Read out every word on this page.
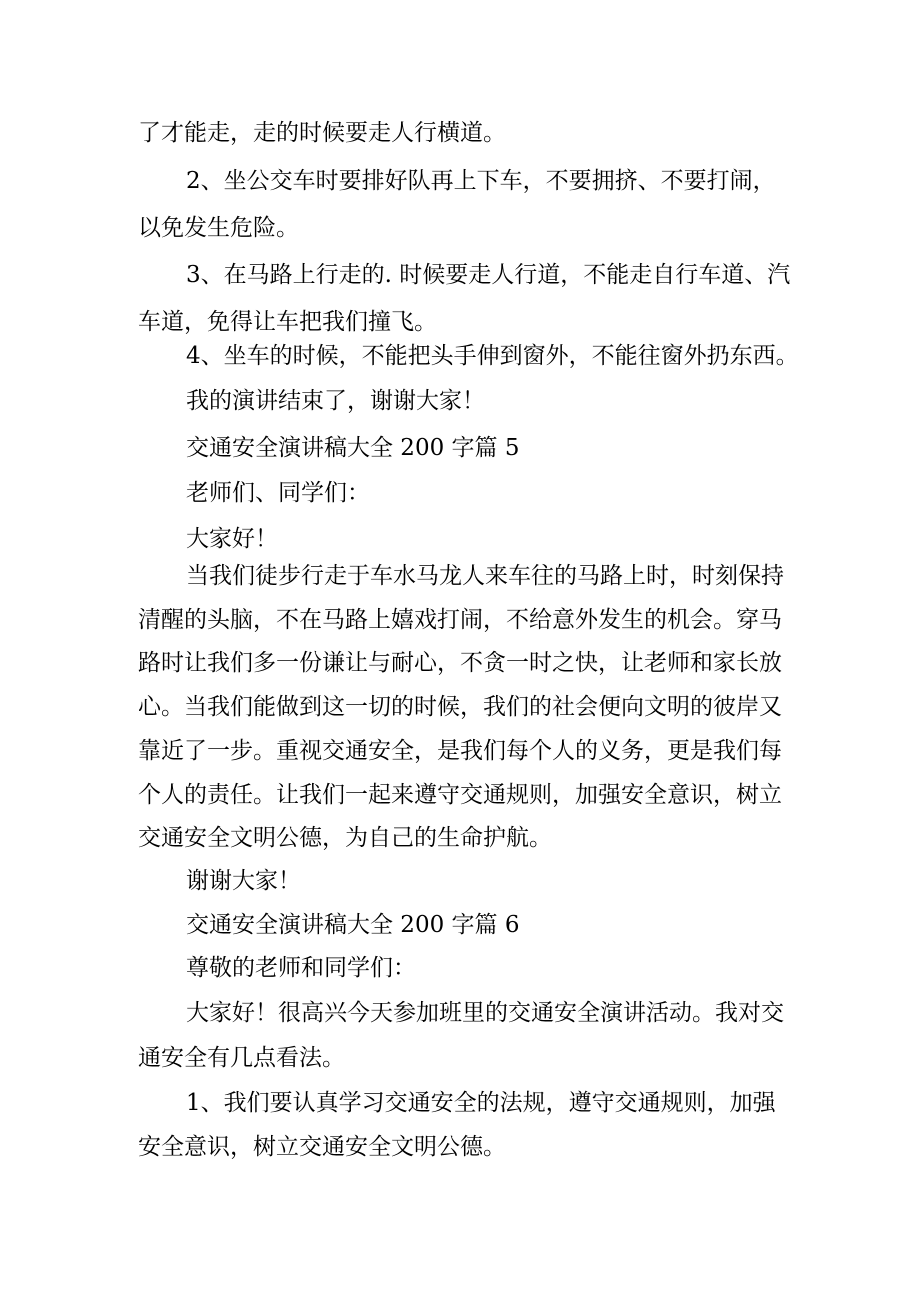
了才能走，走的时候要走人行横道。
2、坐公交车时要排好队再上下车，不要拥挤、不要打闹，
以免发生危险。
3、在马路上行走的. 时候要走人行道，不能走自行车道、汽
车道，免得让车把我们撞飞。
4、坐车的时候，不能把头手伸到窗外，不能往窗外扔东西。
我的演讲结束了，谢谢大家！
交通安全演讲稿大全 200 字篇 5
老师们、同学们：
大家好！
当我们徒步行走于车水马龙人来车往的马路上时，时刻保持
清醒的头脑，不在马路上嬉戏打闹，不给意外发生的机会。穿马
路时让我们多一份谦让与耐心，不贪一时之快，让老师和家长放
心。当我们能做到这一切的时候，我们的社会便向文明的彼岸又
靠近了一步。重视交通安全，是我们每个人的义务，更是我们每
个人的责任。让我们一起来遵守交通规则，加强安全意识，树立
交通安全文明公德，为自己的生命护航。
谢谢大家！
交通安全演讲稿大全 200 字篇 6
尊敬的老师和同学们：
大家好！很高兴今天参加班里的交通安全演讲活动。我对交
通安全有几点看法。
1、我们要认真学习交通安全的法规，遵守交通规则，加强
安全意识，树立交通安全文明公德。
